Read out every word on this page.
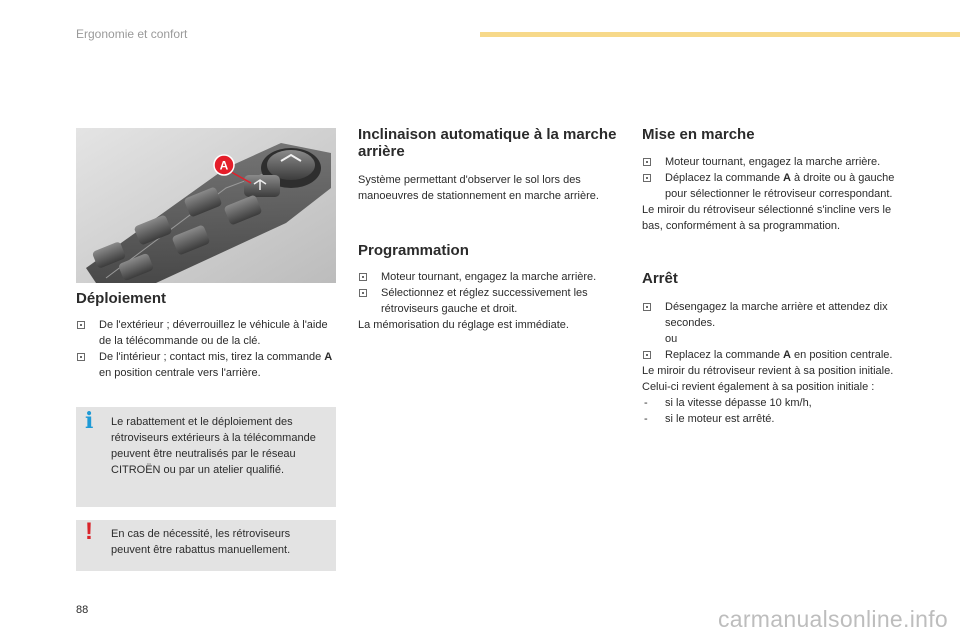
Ergonomie et confort
A
Déploiement
De l'extérieur ; déverrouillez le véhicule à l'aide de la télécommande ou de la clé.
De l'intérieur ; contact mis, tirez la commande A en position centrale vers l'arrière.
i Le rabattement et le déploiement des rétroviseurs extérieurs à la télécommande peuvent être neutralisés par le réseau CITROËN ou par un atelier qualifié.

! En cas de nécessité, les rétroviseurs peuvent être rabattus manuellement.

Inclinaison automatique à la marche arrière

Système permettant d'observer le sol lors des manoeuvres de stationnement en marche arrière.

Programmation
Moteur tournant, engagez la marche arrière.
Sélectionnez et réglez successivement les rétroviseurs gauche et droit.

La mémorisation du réglage est immédiate.

Mise en marche
Moteur tournant, engagez la marche arrière.
Déplacez la commande A à droite ou à gauche pour sélectionner le rétroviseur correspondant.

Le miroir du rétroviseur sélectionné s'incline vers le bas, conformément à sa programmation.

Arrêt
Désengagez la marche arrière et attendez dix secondes.

ou

Replacez la commande A en position centrale.

Le miroir du rétroviseur revient à sa position initiale.

Celui-ci revient également à sa position initiale :

- si la vitesse dépasse 10 km/h,
- si le moteur est arrêté.
88	carmanualsonline.info
